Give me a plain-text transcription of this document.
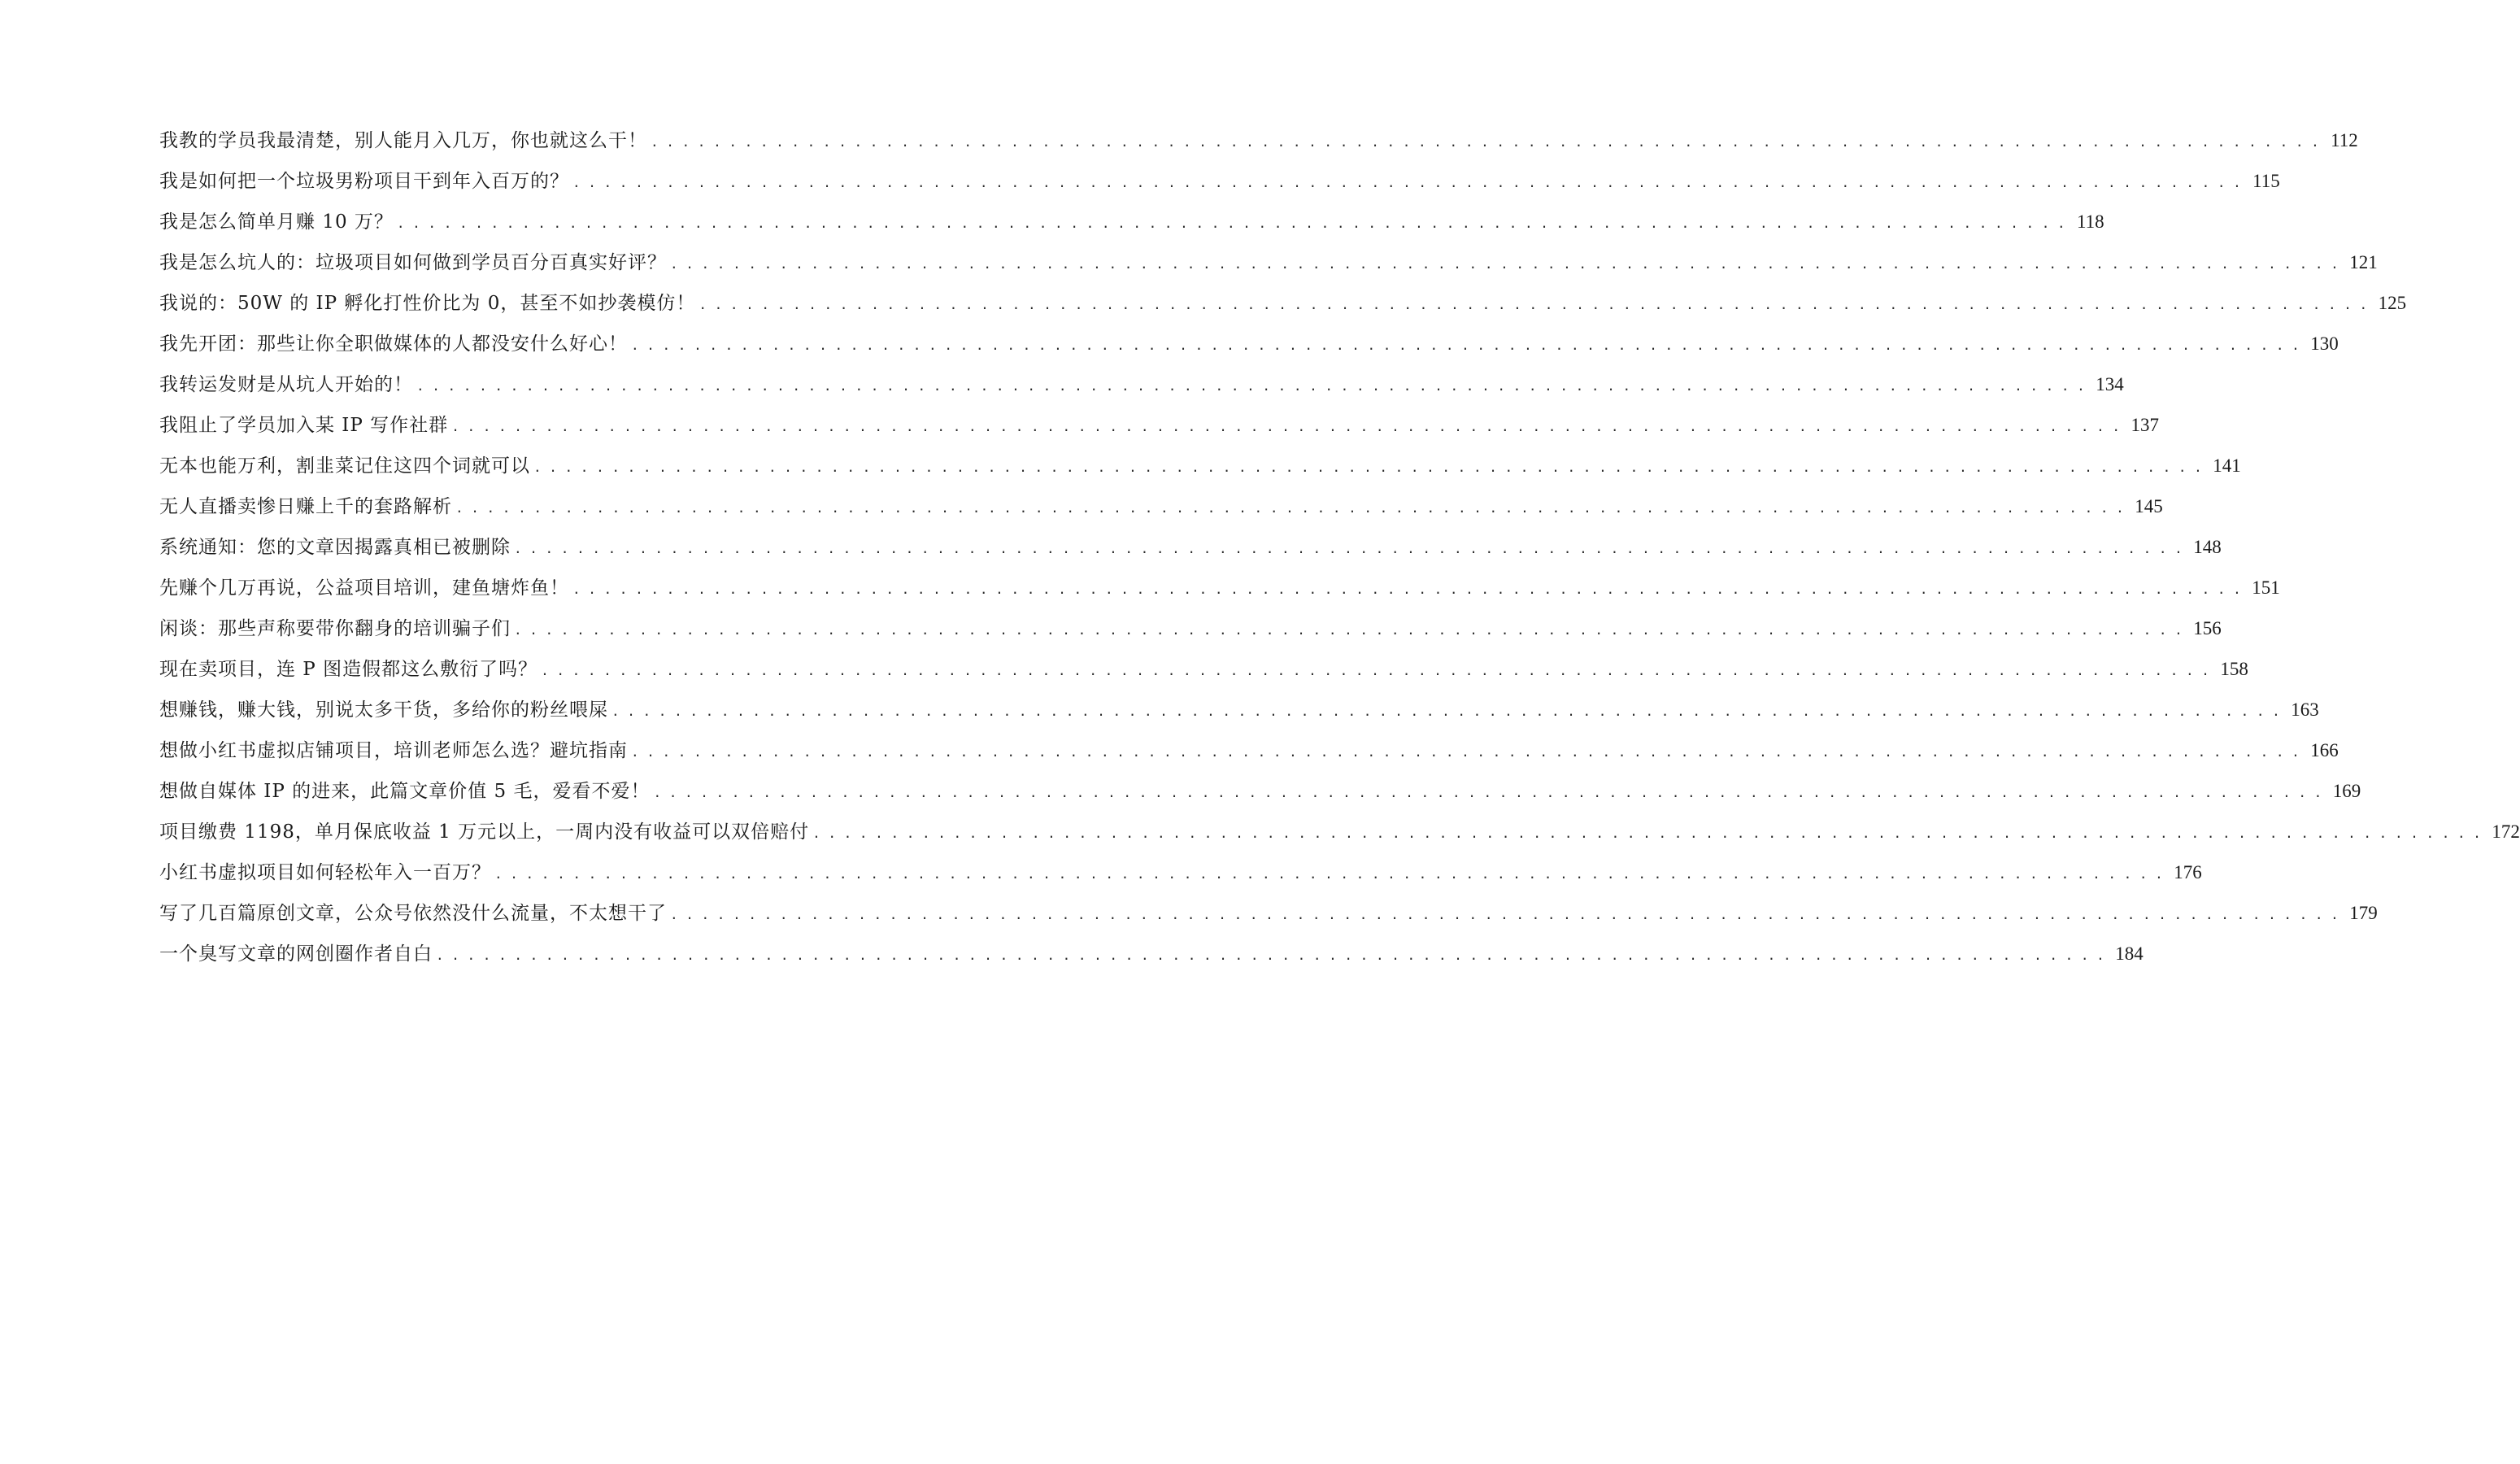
我教的学员我最清楚，别人能月入几万，你也就这么干！ . . .	112
我是如何把一个垃圾男粉项目干到年入百万的？ . . .	115
我是怎么简单月赚 10 万？ . . .	118
我是怎么坑人的：垃圾项目如何做到学员百分百真实好评？ . . .	121
我说的：50W 的 IP 孵化打性价比为 0，甚至不如抄袭模仿！ . . .	125
我先开团：那些让你全职做媒体的人都没安什么好心！ . . .	130
我转运发财是从坑人开始的！ . . .	134
我阻止了学员加入某 IP 写作社群 . . .	137
无本也能万利，割韭菜记住这四个词就可以 . . .	141
无人直播卖惨日赚上千的套路解析 . . .	145
系统通知：您的文章因揭露真相已被删除 . . .	148
先赚个几万再说，公益项目培训，建鱼塘炸鱼！ . . .	151
闲谈：那些声称要带你翻身的培训骗子们 . . .	156
现在卖项目，连 P 图造假都这么敷衍了吗？ . . .	158
想赚钱，赚大钱，别说太多干货，多给你的粉丝喂屎 . . .	163
想做小红书虚拟店铺项目，培训老师怎么选？避坑指南 . . .	166
想做自媒体 IP 的进来，此篇文章价值 5 毛，爱看不爱！ . . .	169
项目缴费 1198，单月保底收益 1 万元以上，一周内没有收益可以双倍赔付 . . .	172
小红书虚拟项目如何轻松年入一百万？ . . .	176
写了几百篇原创文章，公众号依然没什么流量，不太想干了 . . .	179
一个臭写文章的网创圈作者自白 . . .	184
